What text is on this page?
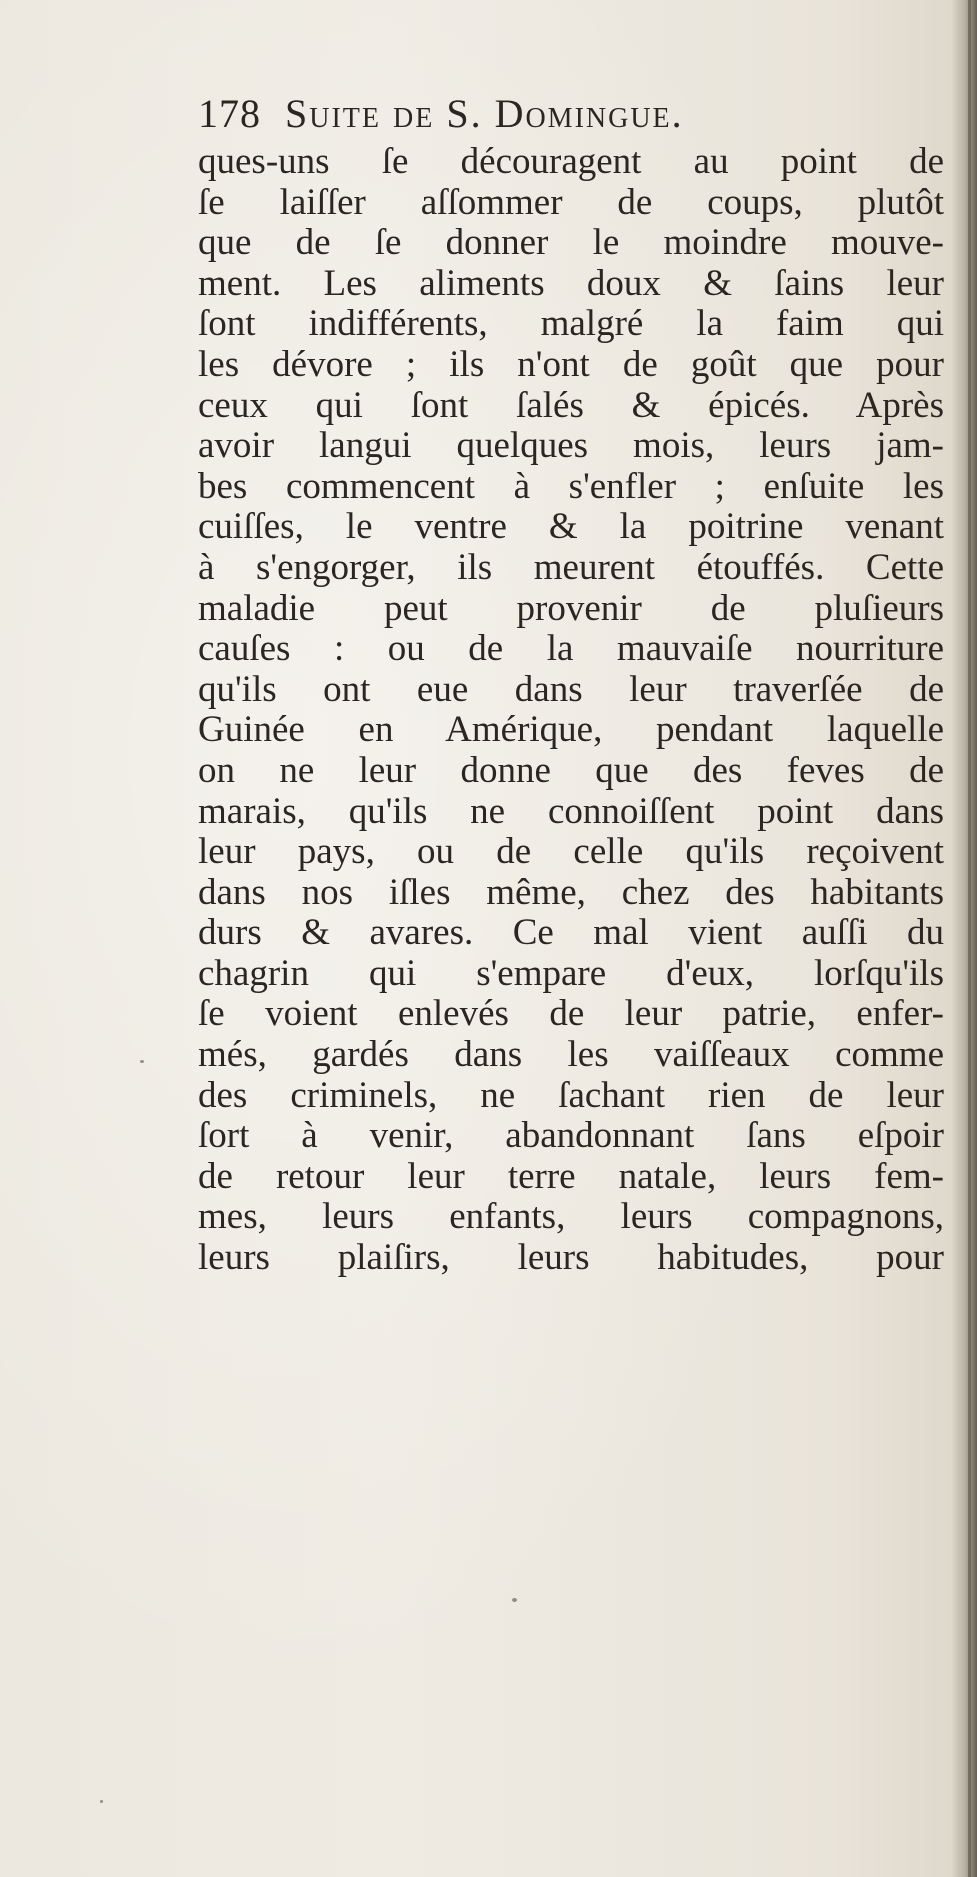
178 Suite de S. Domingue.
ques-uns ſe découragent au point de
ſe laiſſer aſſommer de coups, plutôt
que de ſe donner le moindre mouve-
ment. Les aliments doux & ſains leur
ſont indifférents, malgré la faim qui
les dévore ; ils n'ont de goût que pour
ceux qui ſont ſalés & épicés. Après
avoir langui quelques mois, leurs jam-
bes commencent à s'enfler ; enſuite les
cuiſſes, le ventre & la poitrine venant
à s'engorger, ils meurent étouffés. Cette
maladie peut provenir de pluſieurs
cauſes : ou de la mauvaiſe nourriture
qu'ils ont eue dans leur traverſée de
Guinée en Amérique, pendant laquelle
on ne leur donne que des feves de
marais, qu'ils ne connoiſſent point dans
leur pays, ou de celle qu'ils reçoivent
dans nos iſles même, chez des habitants
durs & avares. Ce mal vient auſſi du
chagrin qui s'empare d'eux, lorſqu'ils
ſe voient enlevés de leur patrie, enfer-
més, gardés dans les vaiſſeaux comme
des criminels, ne ſachant rien de leur
ſort à venir, abandonnant ſans eſpoir
de retour leur terre natale, leurs fem-
mes, leurs enfants, leurs compagnons,
leurs plaiſirs, leurs habitudes, pour
